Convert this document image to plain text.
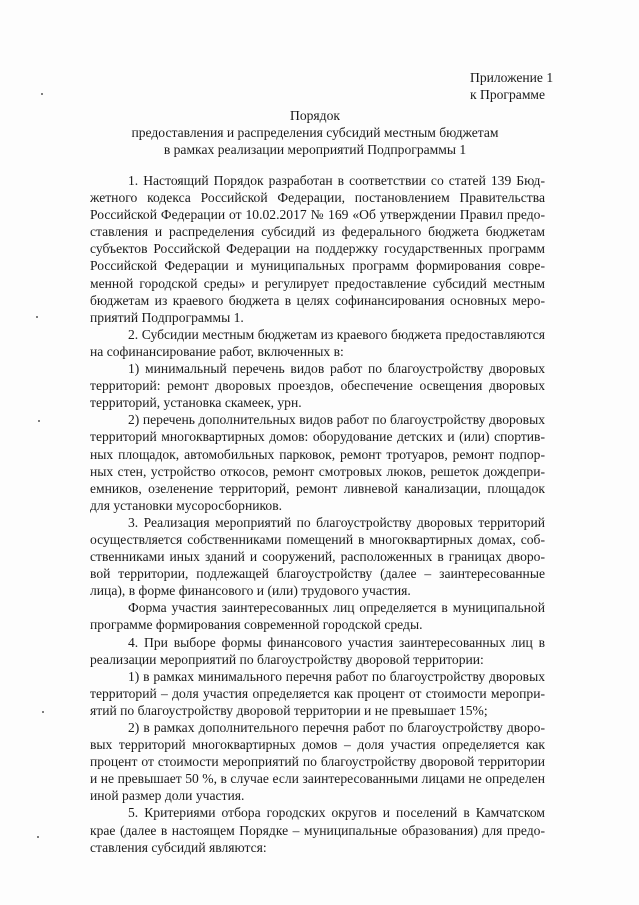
Приложение 1
к Программе
Порядок
предоставления и распределения субсидий местным бюджетам
в рамках реализации мероприятий Подпрограммы 1
1. Настоящий Порядок разработан в соответствии со статей 139 Бюд-
жетного кодекса Российской Федерации, постановлением Правительства
Российской Федерации от 10.02.2017 № 169 «Об утверждении Правил предо-
ставления и распределения субсидий из федерального бюджета бюджетам
субъектов Российской Федерации на поддержку государственных программ
Российской Федерации и муниципальных программ формирования совре-
менной городской среды» и регулирует предоставление субсидий местным
бюджетам из краевого бюджета в целях софинансирования основных меро-
приятий Подпрограммы 1.
2. Субсидии местным бюджетам из краевого бюджета предоставляются
на софинансирование работ, включенных в:
1) минимальный перечень видов работ по благоустройству дворовых
территорий: ремонт дворовых проездов, обеспечение освещения дворовых
территорий, установка скамеек, урн.
2) перечень дополнительных видов работ по благоустройству дворовых
территорий многоквартирных домов: оборудование детских и (или) спортив-
ных площадок, автомобильных парковок, ремонт тротуаров, ремонт подпор-
ных стен, устройство откосов, ремонт смотровых люков, решеток дождепри-
емников, озеленение территорий, ремонт ливневой канализации, площадок
для установки мусоросборников.
3. Реализация мероприятий по благоустройству дворовых территорий
осуществляется собственниками помещений в многоквартирных домах, соб-
ственниками иных зданий и сооружений, расположенных в границах дворо-
вой территории, подлежащей благоустройству (далее – заинтересованные
лица), в форме финансового и (или) трудового участия.
Форма участия заинтересованных лиц определяется в муниципальной
программе формирования современной городской среды.
4. При выборе формы финансового участия заинтересованных лиц в
реализации мероприятий по благоустройству дворовой территории:
1) в рамках минимального перечня работ по благоустройству дворовых
территорий – доля участия определяется как процент от стоимости меропри-
ятий по благоустройству дворовой территории и не превышает 15%;
2) в рамках дополнительного перечня работ по благоустройству дворо-
вых территорий многоквартирных домов – доля участия определяется как
процент от стоимости мероприятий по благоустройству дворовой территории
и не превышает 50 %, в случае если заинтересованными лицами не определен
иной размер доли участия.
5. Критериями отбора городских округов и поселений в Камчатском
крае (далее в настоящем Порядке – муниципальные образования) для предо-
ставления субсидий являются:
